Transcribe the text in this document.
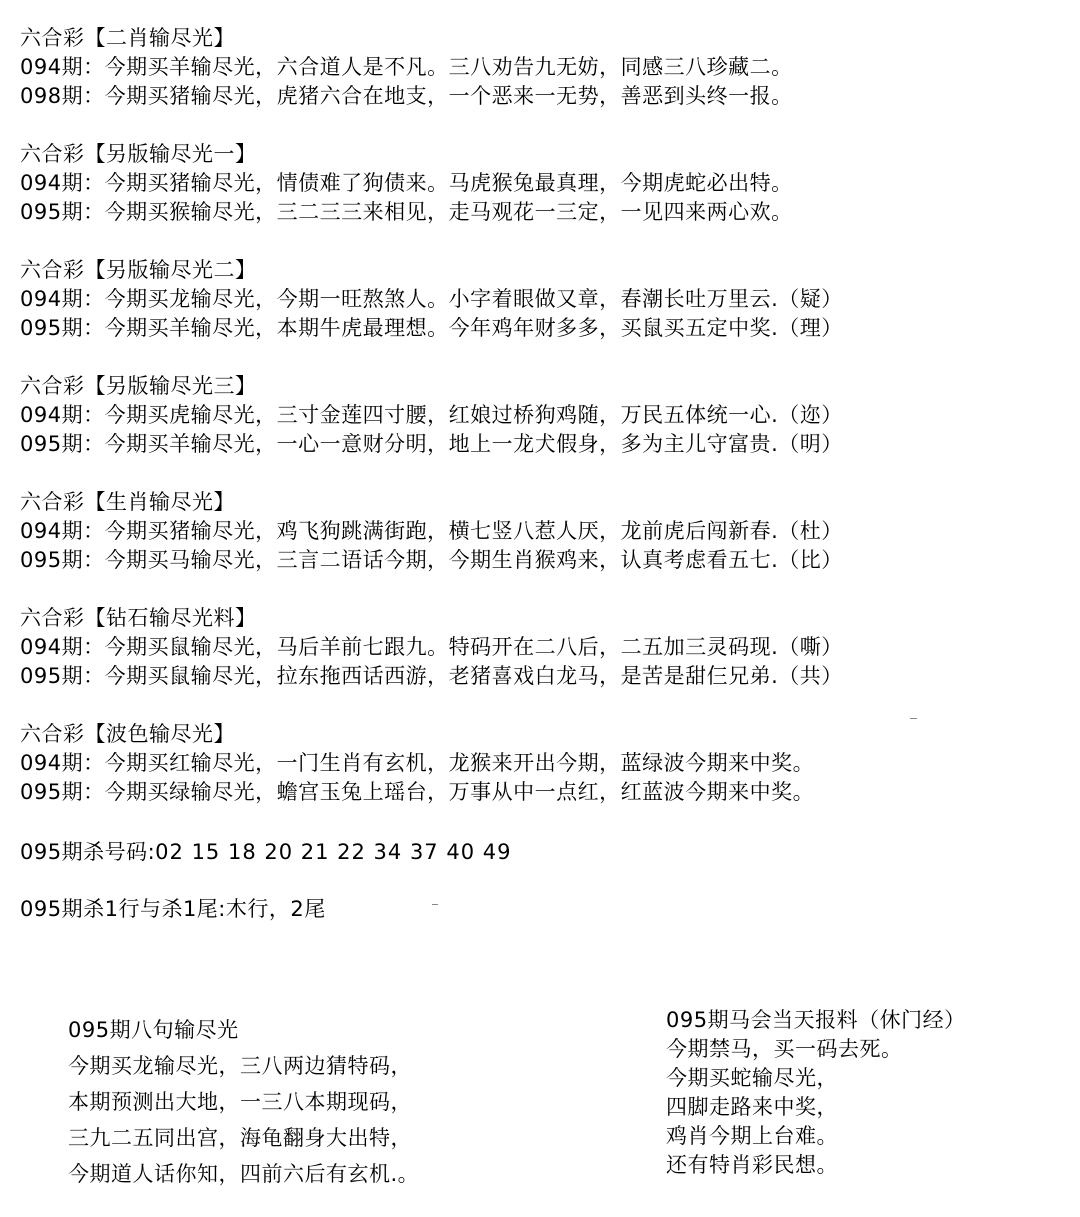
六合彩【二肖输尽光】
094期：今期买羊输尽光，六合道人是不凡。三八劝告九无妨，同感三八珍藏二。
098期：今期买猪输尽光，虎猪六合在地支，一个恶来一无势，善恶到头终一报。
六合彩【另版输尽光一】
094期：今期买猪输尽光，情债难了狗债来。马虎猴兔最真理，今期虎蛇必出特。
095期：今期买猴输尽光，三二三三来相见，走马观花一三定，一见四来两心欢。
六合彩【另版输尽光二】
094期：今期买龙输尽光，今期一旺熬煞人。小字着眼做又章，春潮长吐万里云.（疑）
095期：今期买羊输尽光，本期牛虎最理想。今年鸡年财多多，买鼠买五定中奖.（理）
六合彩【另版输尽光三】
094期：今期买虎输尽光，三寸金莲四寸腰，红娘过桥狗鸡随，万民五体统一心.（迩）
095期：今期买羊输尽光，一心一意财分明，地上一龙犬假身，多为主儿守富贵.（明）
六合彩【生肖输尽光】
094期：今期买猪输尽光，鸡飞狗跳满街跑，横七竖八惹人厌，龙前虎后闯新春.（杜）
095期：今期买马输尽光，三言二语话今期，今期生肖猴鸡来，认真考虑看五七.（比）
六合彩【钻石输尽光料】
094期：今期买鼠输尽光，马后羊前七跟九。特码开在二八后，二五加三灵码现.（嘶）
095期：今期买鼠输尽光，拉东拖西话西游，老猪喜戏白龙马，是苦是甜仨兄弟.（共）
六合彩【波色输尽光】
094期：今期买红输尽光，一门生肖有玄机，龙猴来开出今期，蓝绿波今期来中奖。
095期：今期买绿输尽光，蟾宫玉兔上瑶台，万事从中一点红，红蓝波今期来中奖。
095期杀号码:02 15 18 20 21 22 34 37 40 49
095期杀1行与杀1尾:木行，2尾
095期八句输尽光
今期买龙输尽光，三八两边猜特码，
本期预测出大地，一三八本期现码，
三九二五同出宫，海龟翻身大出特，
今期道人话你知，四前六后有玄机.。
095期马会当天报料（休门经）
今期禁马，买一码去死。
今期买蛇输尽光，
四脚走路来中奖，
鸡肖今期上台难。
还有特肖彩民想。
